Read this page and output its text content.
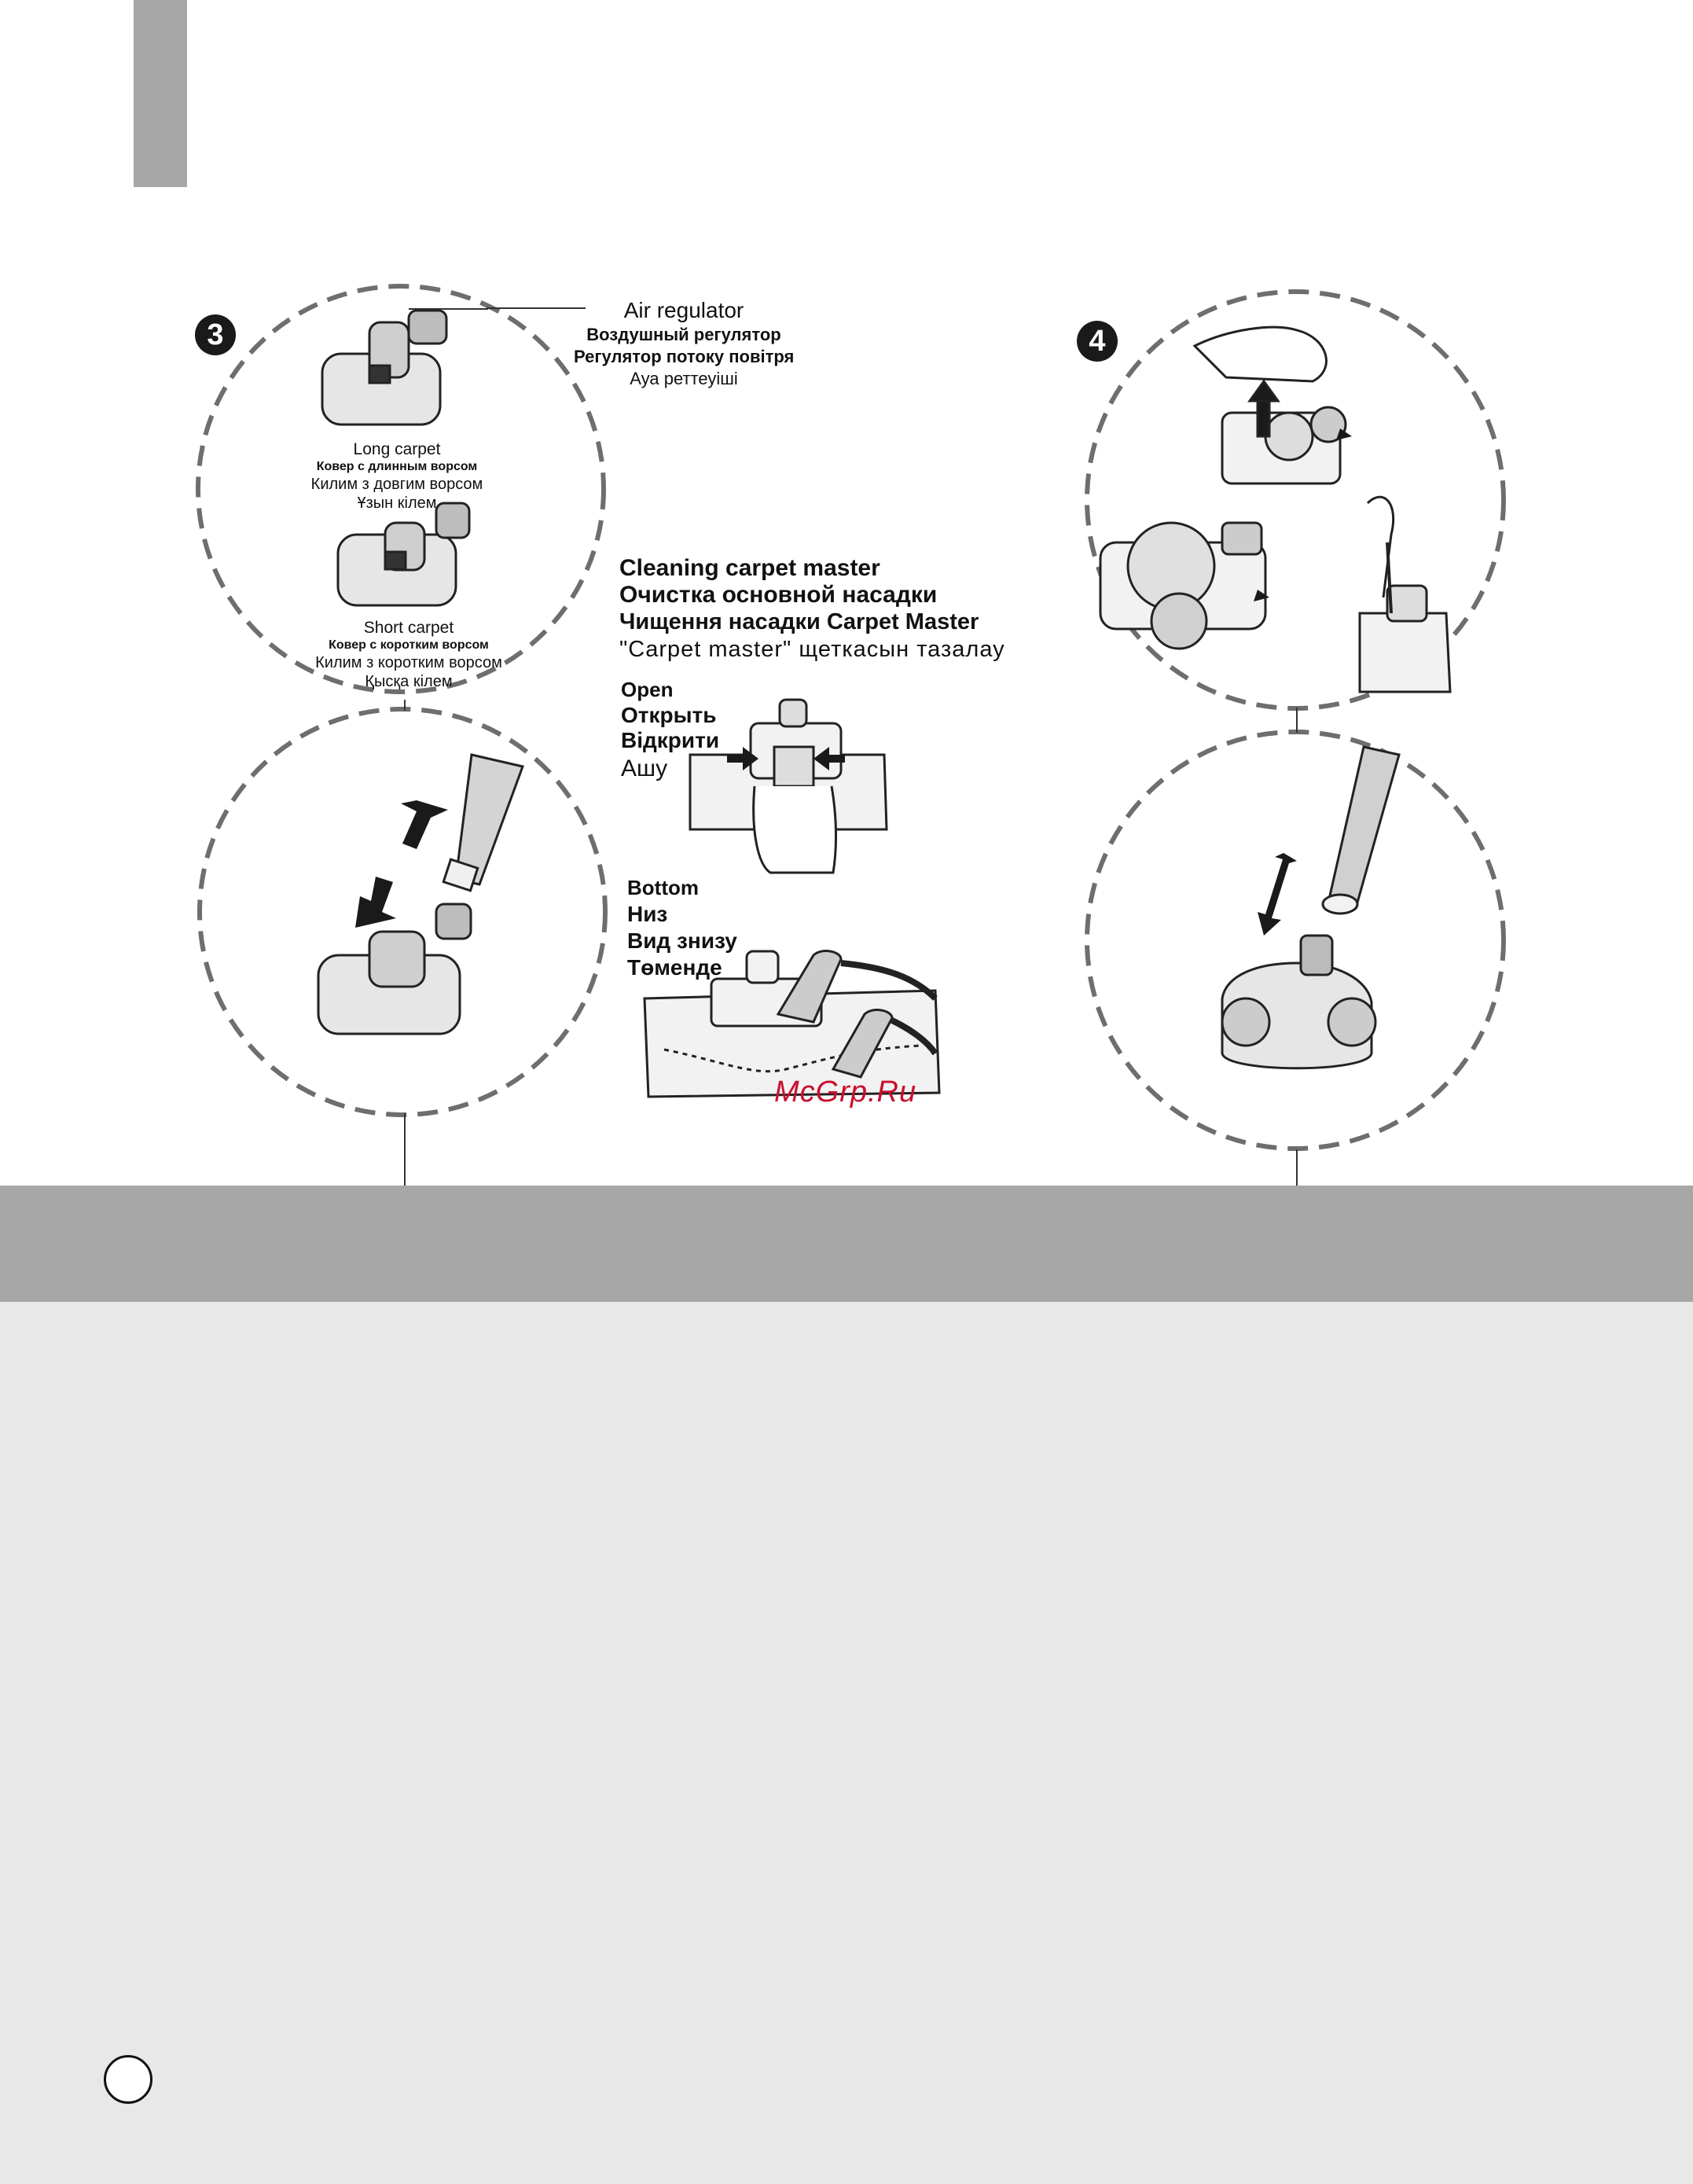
3	4
Air regulator
Воздушный регулятор
Регулятор потоку повітря
Ауа реттеуіші
Long carpet
Ковер с длинным ворсом
Килим з довгим ворсом
Ұзын кілем
Short carpet
Ковер с коротким ворсом
Килим з коротким ворсом
Қысқа кілем
Cleaning carpet master
Очистка основной насадки
Чищення насадки Carpet Master
"Carpet master" щеткасын тазалау
Open
Открыть
Відкрити
Ашу
Bottom
Низ
Вид знизу
Төменде
McGrp.Ru
